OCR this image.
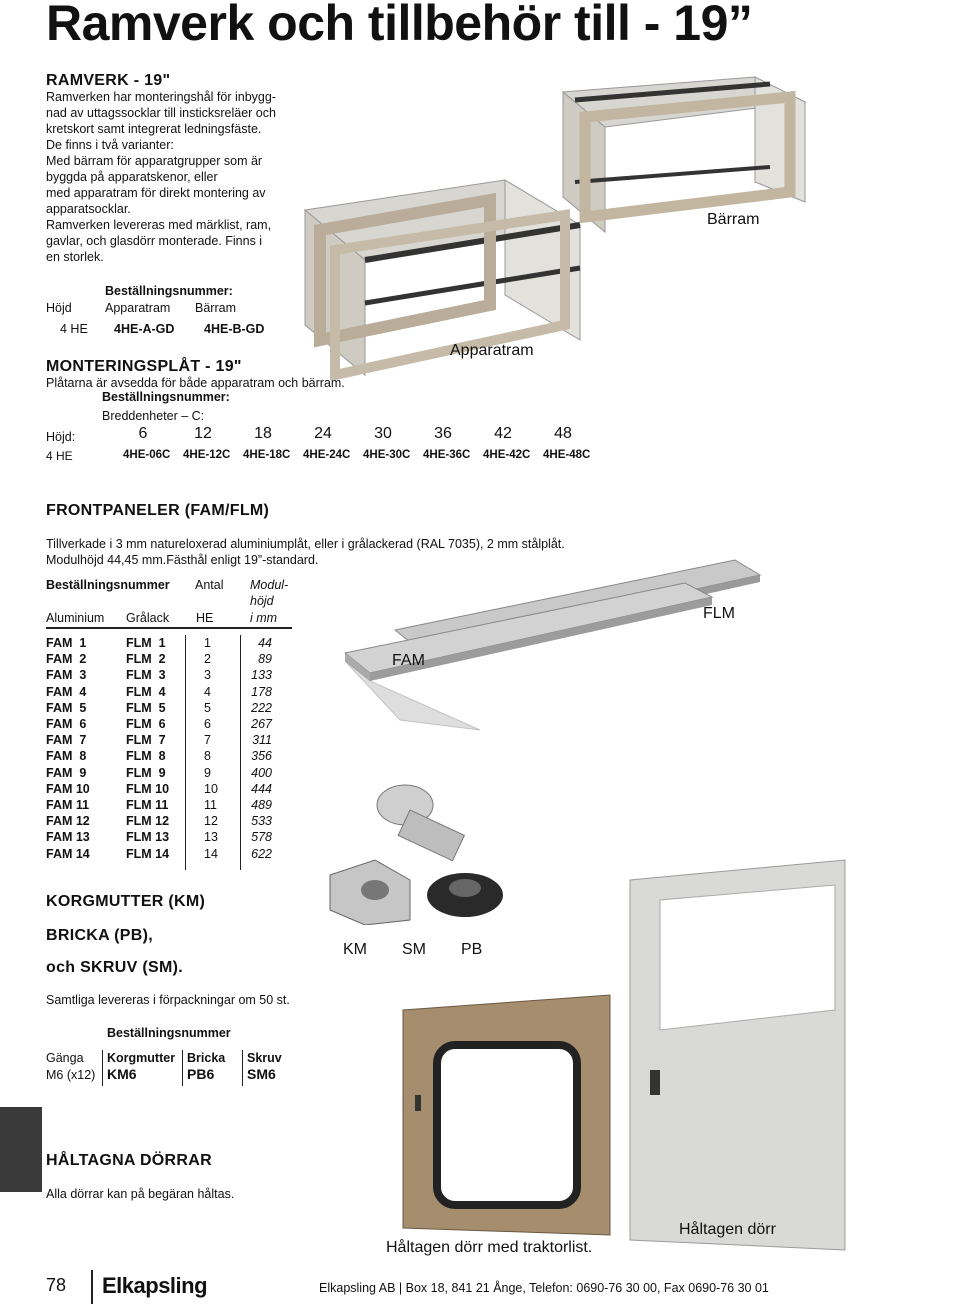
Ramverk och tillbehör till - 19”
RAMVERK - 19"
Ramverken har monteringshål för inbygg-
nad av uttagssocklar till insticksreläer och
kretskort samt integrerat ledningsfäste.
De finns i två varianter:
Med bärram för apparatgrupper som är
byggda på apparatskenor, eller
med apparatram för direkt montering av
apparatsocklar.
Ramverken levereras med märklist, ram,
gavlar, och glasdörr monterade. Finns i
en storlek.
Beställningsnummer:
Höjd	Apparatram Bärram
4 HE 4HE-A-GD 4HE-B-GD
Bärram
Apparatram
MONTERINGSPLÅT - 19"
Plåtarna är avsedda för både apparatram och bärram.
Beställningsnummer:
Breddenheter – C:
Höjd:	6	12	18	24	30	36	42	48
4 HE	4HE-06C 4HE-12C 4HE-18C 4HE-24C 4HE-30C 4HE-36C 4HE-42C 4HE-48C
FRONTPANELER (FAM/FLM)
Tillverkade i 3 mm natureloxerad aluminiumplåt, eller i grålackerad (RAL 7035), 2 mm stålplåt.
Modulhöjd 44,45 mm.Fästhål enligt 19”-standard.
Beställningsnummer Antal Modul-
höjd
i mm
Aluminium Grålack HE
FAM  1	FLM  1	1	44
FAM  2	FLM  2	2	89
FAM  3	FLM  3	3	133
FAM  4	FLM  4	4	178
FAM  5	FLM  5	5	222
FAM  6	FLM  6	6	267
FAM  7	FLM  7	7	311
FAM  8	FLM  8	8	356
FAM  9	FLM  9	9	400
FAM 10	FLM 10	10	444
FAM 11	FLM 11	11	489
FAM 12	FLM 12	12	533
FAM 13	FLM 13	13	578
FAM 14	FLM 14	14	622
FLM
FAM
KORGMUTTER (KM)
BRICKA (PB),
och SKRUV (SM).
Samtliga levereras i förpackningar om 50 st.
Beställningsnummer
Gänga Korgmutter Bricka Skruv
M6 (x12) KM6	PB6 SM6
KM SM PB
HÅLTAGNA DÖRRAR
Alla dörrar kan på begäran håltas.
Håltagen dörr med traktorlist.
Håltagen dörr
78 Elkapsling	Elkapsling AB | Box 18, 841 21 Ånge, Telefon: 0690-76 30 00, Fax 0690-76 30 01
